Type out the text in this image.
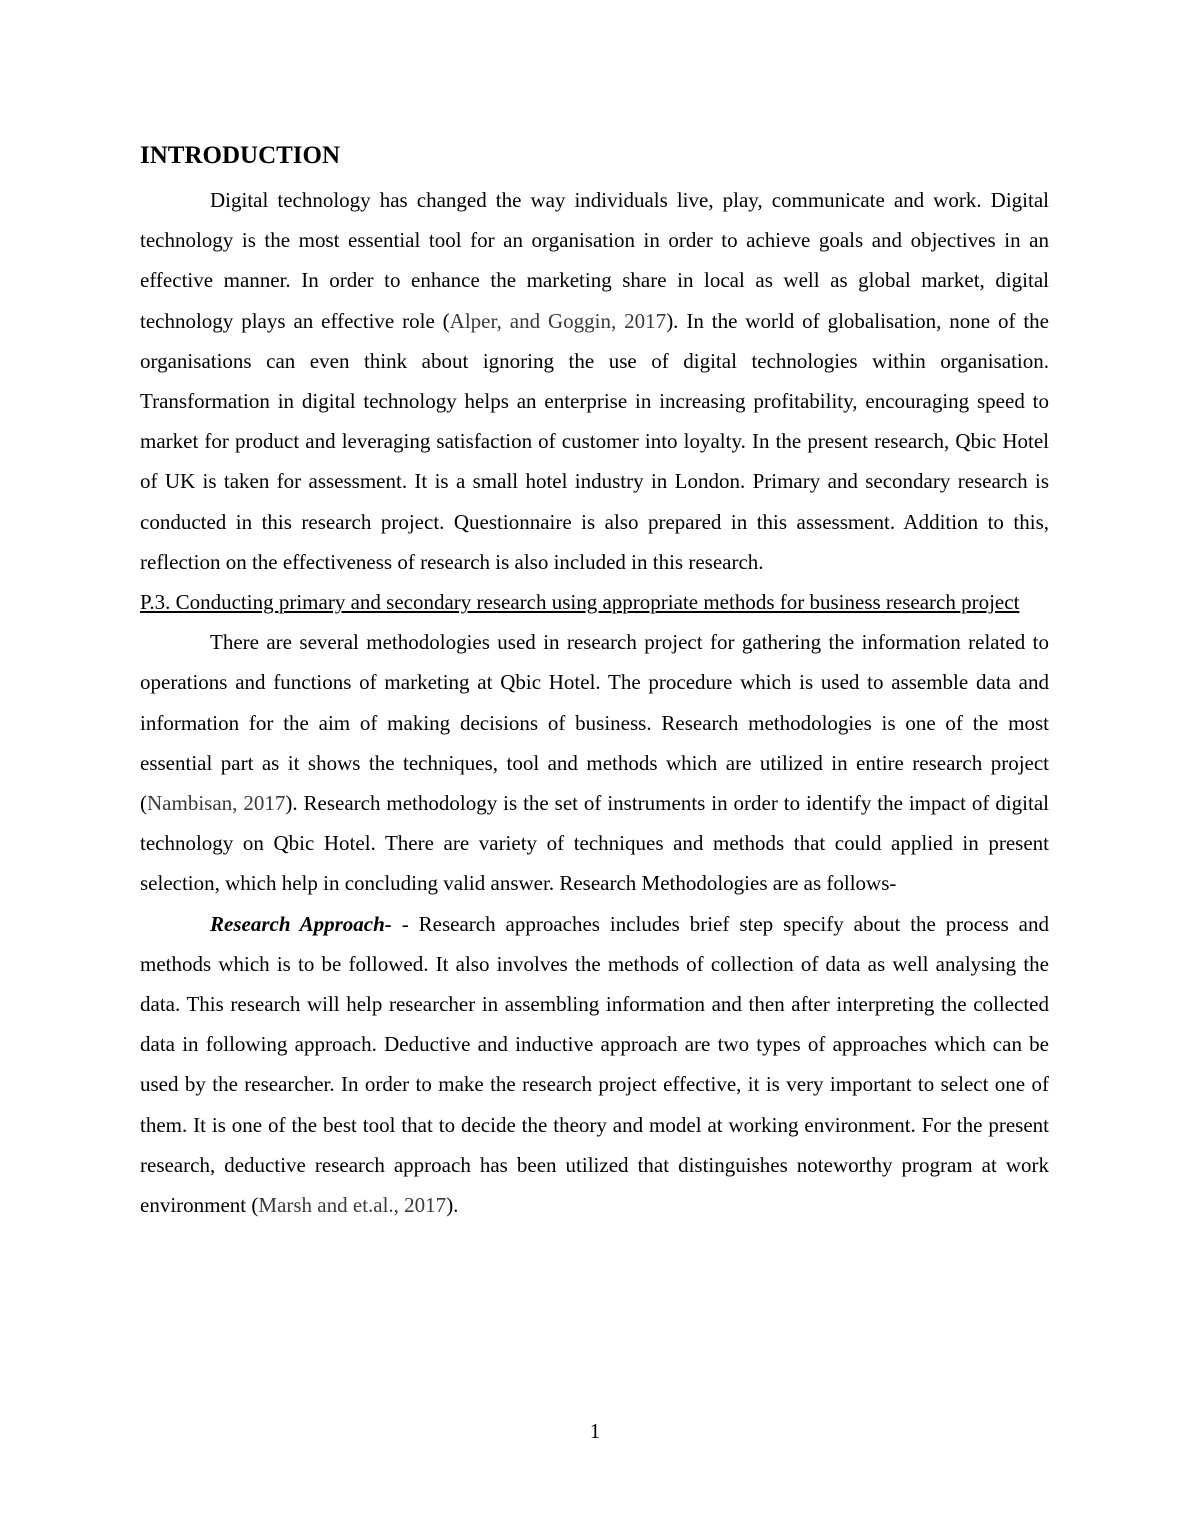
INTRODUCTION

Digital technology has changed the way individuals live, play, communicate and work. Digital technology is the most essential tool for an organisation in order to achieve goals and objectives in an effective manner. In order to enhance the marketing share in local as well as global market, digital technology plays an effective role (Alper, and Goggin, 2017). In the world of globalisation, none of the organisations can even think about ignoring the use of digital technologies within organisation. Transformation in digital technology helps an enterprise in increasing profitability, encouraging speed to market for product and leveraging satisfaction of customer into loyalty. In the present research, Qbic Hotel of UK is taken for assessment. It is a small hotel industry in London. Primary and secondary research is conducted in this research project. Questionnaire is also prepared in this assessment. Addition to this, reflection on the effectiveness of research is also included in this research.

P.3. Conducting primary and secondary research using appropriate methods for business research project

There are several methodologies used in research project for gathering the information related to operations and functions of marketing at Qbic Hotel. The procedure which is used to assemble data and information for the aim of making decisions of business. Research methodologies is one of the most essential part as it shows the techniques, tool and methods which are utilized in entire research project (Nambisan, 2017). Research methodology is the set of instruments in order to identify the impact of digital technology on Qbic Hotel. There are variety of techniques and methods that could applied in present selection, which help in concluding valid answer. Research Methodologies are as follows-

Research Approach- - Research approaches includes brief step specify about the process and methods which is to be followed. It also involves the methods of collection of data as well analysing the data. This research will help researcher in assembling information and then after interpreting the collected data in following approach. Deductive and inductive approach are two types of approaches which can be used by the researcher. In order to make the research project effective, it is very important to select one of them. It is one of the best tool that to decide the theory and model at working environment. For the present research, deductive research approach has been utilized that distinguishes noteworthy program at work environment (Marsh and et.al., 2017).

1
